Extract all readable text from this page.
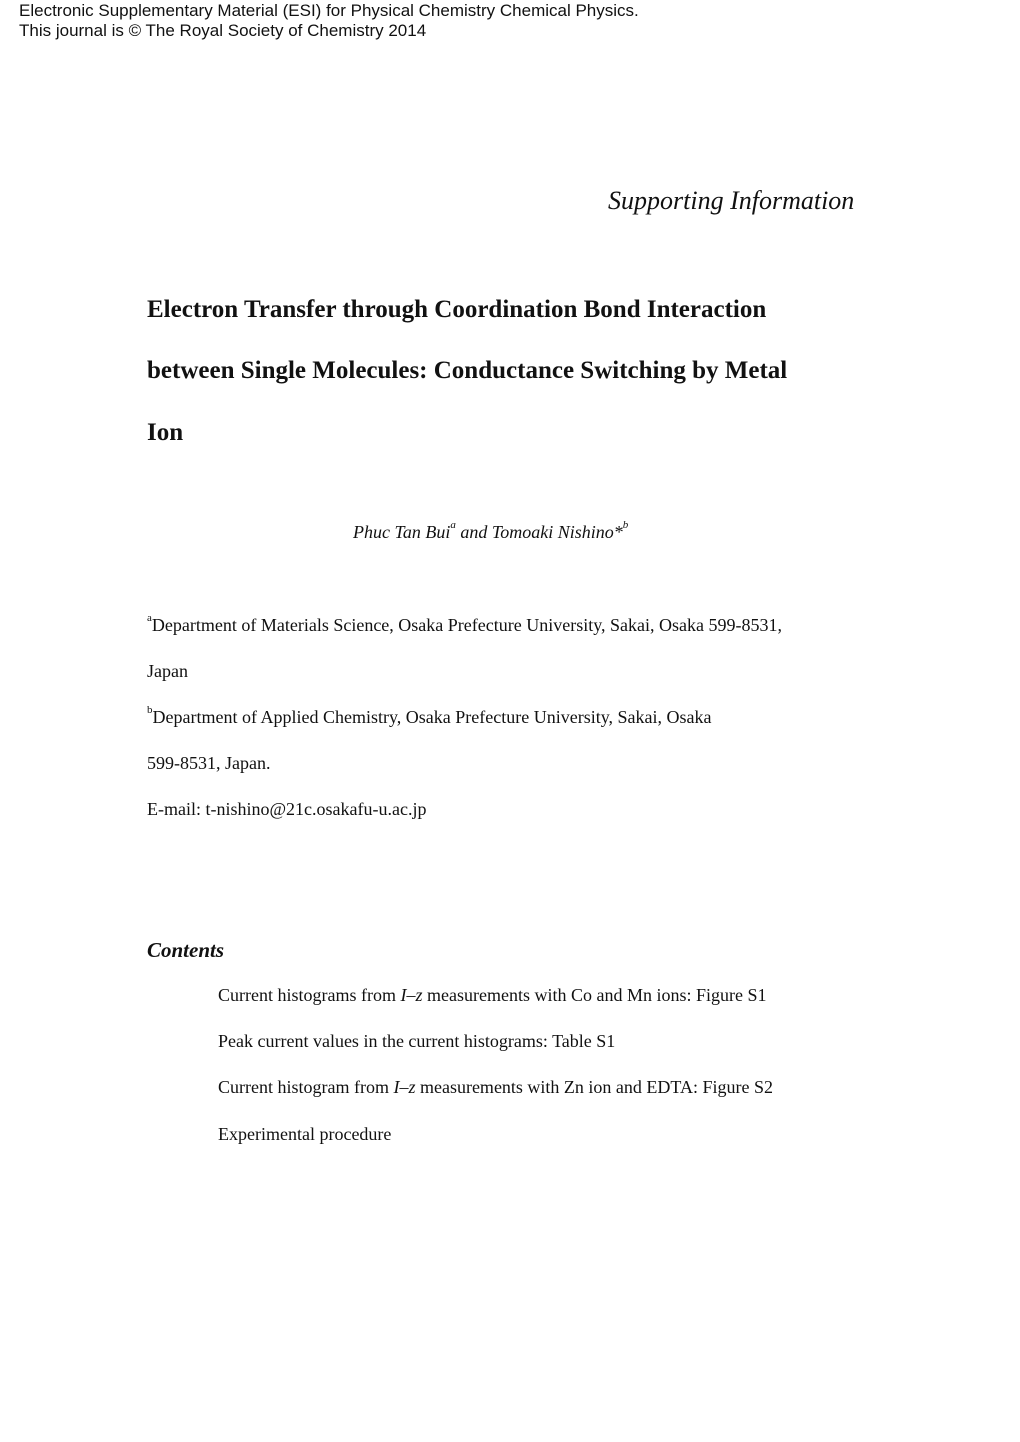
Electronic Supplementary Material (ESI) for Physical Chemistry Chemical Physics.
This journal is © The Royal Society of Chemistry 2014
Supporting Information
Electron Transfer through Coordination Bond Interaction
between Single Molecules: Conductance Switching by Metal
Ion
Phuc Tan Bui$^a$ and Tomoaki Nishino*$^b$
$^a$Department of Materials Science, Osaka Prefecture University, Sakai, Osaka 599-8531,
Japan
$^b$Department of Applied Chemistry, Osaka Prefecture University, Sakai, Osaka
599-8531, Japan.
E-mail: t-nishino@21c.osakafu-u.ac.jp
Contents
Current histograms from I–z measurements with Co and Mn ions: Figure S1
Peak current values in the current histograms: Table S1
Current histogram from I–z measurements with Zn ion and EDTA: Figure S2
Experimental procedure
